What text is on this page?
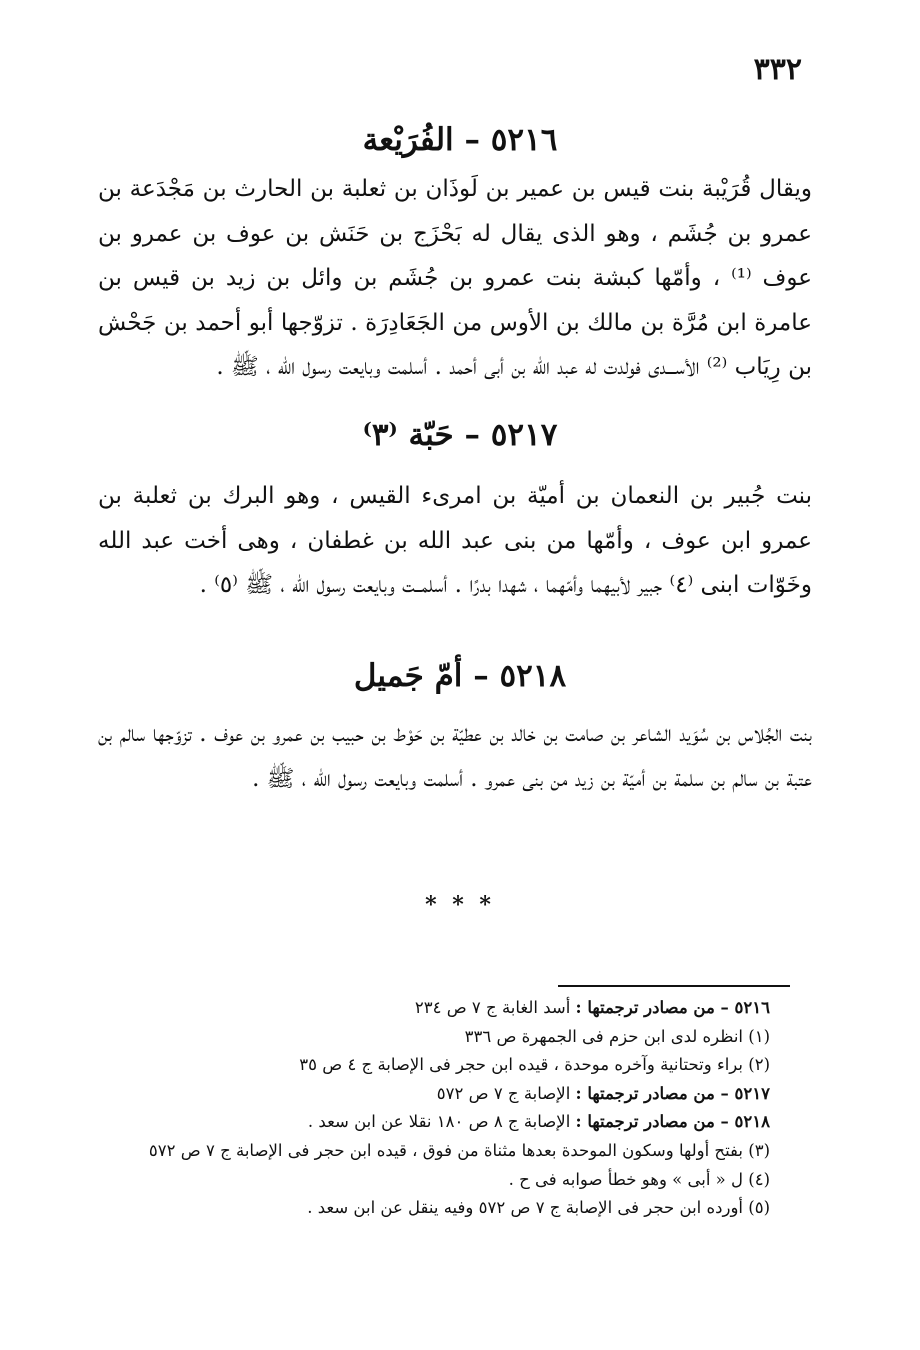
٣٣٢
٥٢١٦ – الفُرَيْعة
ويقال قُرَيْبة بنت قيس بن عمير بن لَوذَان بن ثعلبة بن الحارث بن مَجْدَعة بن عمرو بن جُشَم ، وهو الذى يقال له بَحْزَج بن حَنَش بن عوف بن عمرو بن عوف ⁽¹⁾ ، وأمّها كبشة بنت عمرو بن جُشَم بن وائل بن زيد بن قيس بن عامرة ابن مُرَّة بن مالك بن الأوس من الجَعَادِرَة . تزوّجها أبو أحمد بن جَحْش بن رِيَاب ⁽²⁾ الأســـدى فولدت له عبد الله بن أبى أحمد . أسلمت وبايعت رسول الله ، ﷺ .
٥٢١٧ – حَبّة ⁽٣⁾
بنت جُبير بن النعمان بن أميّة بن امرىء القيس ، وهو البرك بن ثعلبة بن عمرو ابن عوف ، وأمّها من بنى عبد الله بن غطفان ، وهى أخت عبد الله وخَوّات ابنى ⁽٤⁾ جبير لأبيهما وأمّهما ، شهدا بدرًا . أسلمــت وبايعت رسول الله ، ﷺ ⁽٥⁾ .
٥٢١٨ – أمّ جَميل
بنت الجُلاس بن سُوَيد الشاعر بن صامت بن خالد بن عطيّة بن حَوْط بن حبيب بن عمرو بن عوف . تزوّجها سالم بن عتبة بن سالم بن سلمة بن أميّة بن زيد من بنى عمرو . أسلمت وبايعت رسول الله ، ﷺ .
* * *
٥٢١٦ – من مصادر ترجمتها : أسد الغابة ج ٧ ص ٢٣٤
(١) انظره لدى ابن حزم فى الجمهرة ص ٣٣٦
(٢) براء وتحتانية وآخره موحدة ، قيده ابن حجر فى الإصابة ج ٤ ص ٣٥
٥٢١٧ – من مصادر ترجمتها : الإصابة ج ٧ ص ٥٧٢
٥٢١٨ – من مصادر ترجمتها : الإصابة ج ٨ ص ١٨٠ نقلا عن ابن سعد .
(٣) بفتح أولها وسكون الموحدة بعدها مثناة من فوق ، قيده ابن حجر فى الإصابة ج ٧ ص ٥٧٢
(٤) ل « أبى » وهو خطأ صوابه فى ح .
(٥) أورده ابن حجر فى الإصابة ج ٧ ص ٥٧٢ وفيه ينقل عن ابن سعد .
